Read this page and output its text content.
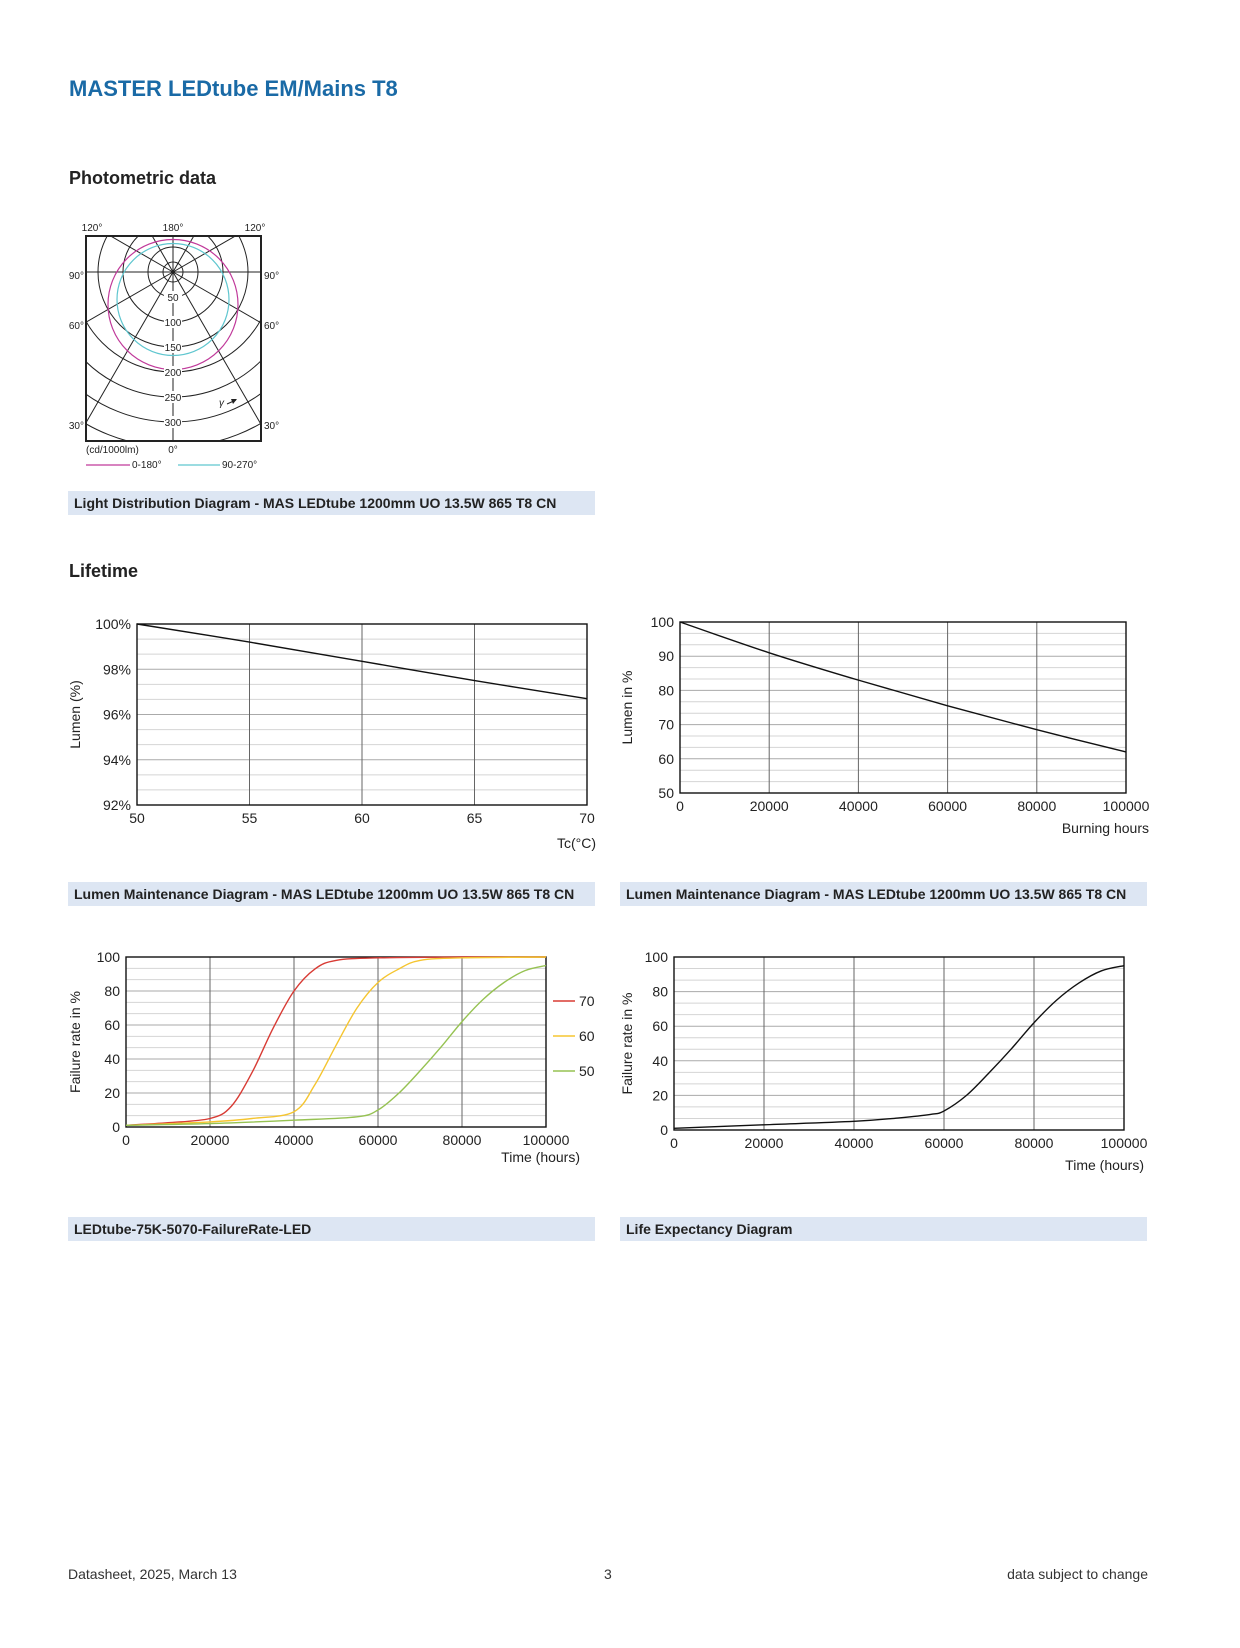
MASTER LEDtube EM/Mains T8
Photometric data
50
100
150
200
250
300
120°	180°	120°
90°	90°
60°	60°
30°	30°
0°
γ
(cd/1000lm)
0-180°	90-270°
Light Distribution Diagram - MAS LEDtube 1200mm UO 13.5W 865 T8 CN
Lifetime
92%
94%
96%
98%
100%
50	55	60	65	70
Tc(°C)
Lumen (%)
Lumen Maintenance Diagram - MAS LEDtube 1200mm UO 13.5W 865 T8 CN
50
60
70
80
90
100
0	20000	40000	60000	80000	100000
Burning hours
Lumen in %
Lumen Maintenance Diagram - MAS LEDtube 1200mm UO 13.5W 865 T8 CN
0
20
40
60
80
100
0	20000	40000	60000	80000	100000
Time (hours)
Failure rate in %	70
60
50
LEDtube-75K-5070-FailureRate-LED
0
20
40
60
80
100
0	20000	40000	60000	80000	100000
Time (hours)
Failure rate in %
Life Expectancy Diagram
Datasheet, 2025, March 13	3	data subject to change
